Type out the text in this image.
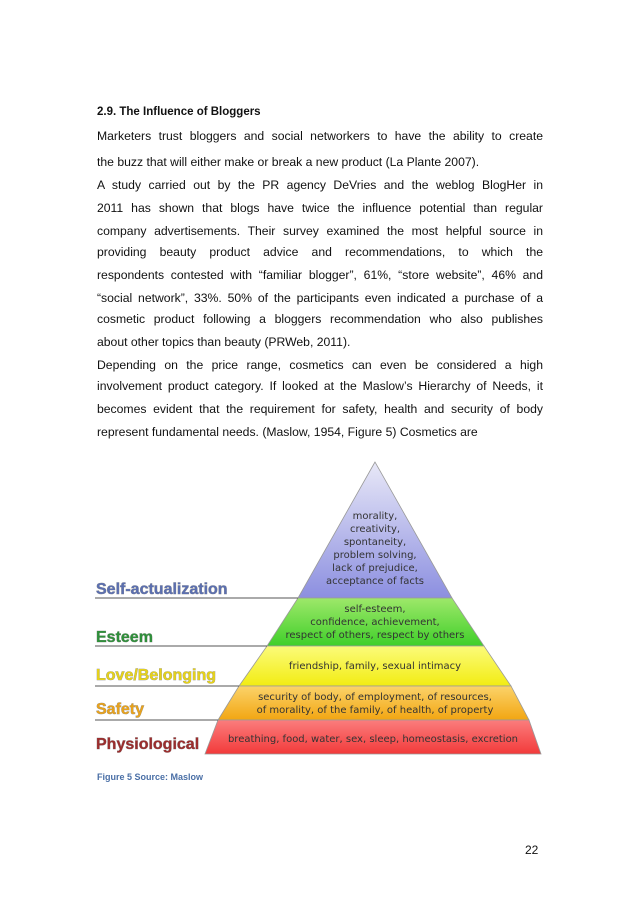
2.9. The Influence of Bloggers

Marketers trust bloggers and social networkers to have the ability to create
the buzz that will either make or break a new product (La Plante 2007).
A study carried out by the PR agency DeVries and the weblog BlogHer in
2011 has shown that blogs have twice the influence potential than regular
company advertisements. Their survey examined the most helpful source in
providing beauty product advice and recommendations, to which the
respondents contested with “familiar blogger”, 61%, “store website”, 46% and
“social network”, 33%. 50% of the participants even indicated a purchase of a
cosmetic product following a bloggers recommendation who also publishes
about other topics than beauty (PRWeb, 2011).
Depending on the price range, cosmetics can even be considered a high
involvement product category. If looked at the Maslow’s Hierarchy of Needs, it
becomes evident that the requirement for safety, health and security of body
represent fundamental needs. (Maslow, 1954, Figure 5) Cosmetics are
Self-actualization
Esteem
Love/Belonging
Safety
Physiological
morality,
creativity,
spontaneity,
problem solving,
lack of prejudice,
acceptance of facts
self-esteem,
confidence, achievement,
respect of others, respect by others
friendship, family, sexual intimacy
security of body, of employment, of resources,
of morality, of the family, of health, of property
breathing, food, water, sex, sleep, homeostasis, excretion
Figure 5 Source: Maslow
22
